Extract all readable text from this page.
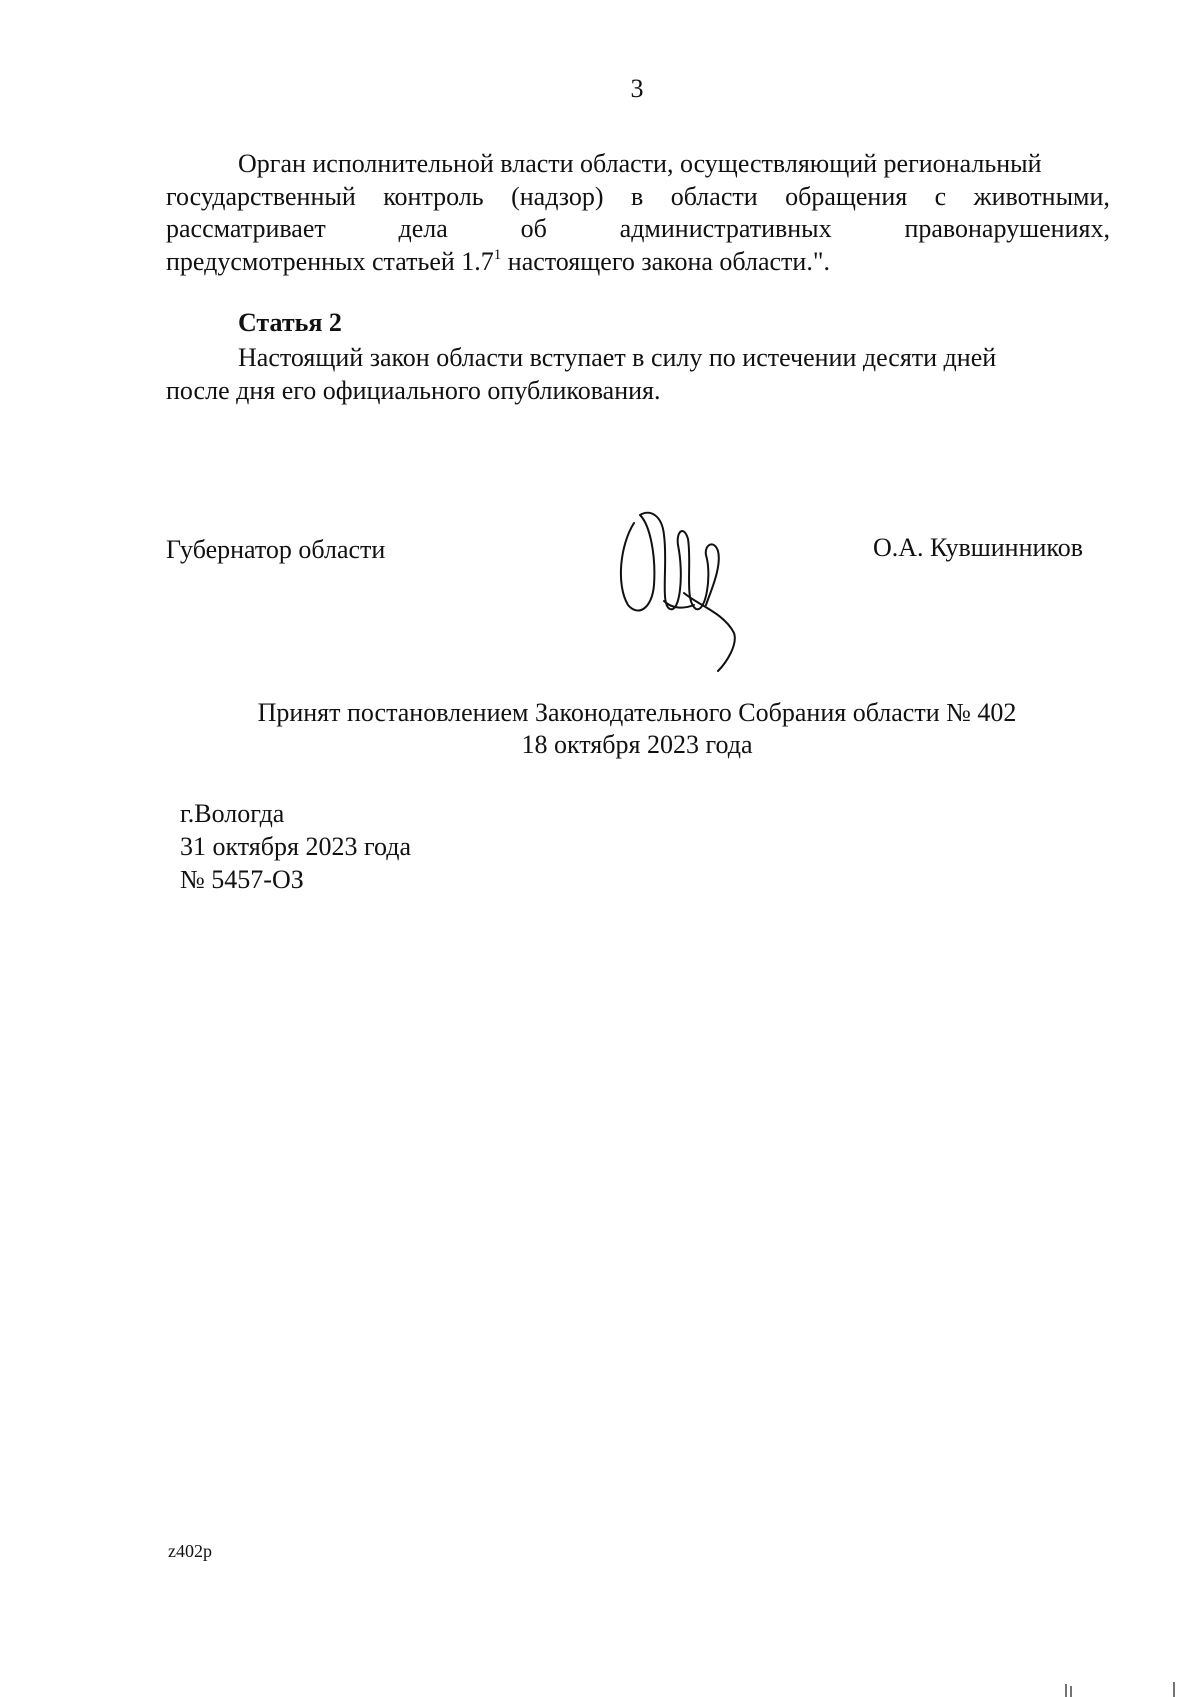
3
Орган исполнительной власти области, осуществляющий региональный
государственный контроль (надзор) в области обращения с животными,
рассматривает	дела	об	административных	правонарушениях,
предусмотренных статьей $1.7^1$ настоящего закона области.".
Статья 2
Настоящий закон области вступает в силу по истечении десяти дней
после дня его официального опубликования.
Губернатор области	О.А. Кувшинников
Принят постановлением Законодательного Собрания области № 402
18 октября 2023 года
г.Вологда
31 октября 2023 года
№ 5457-ОЗ
z402p
